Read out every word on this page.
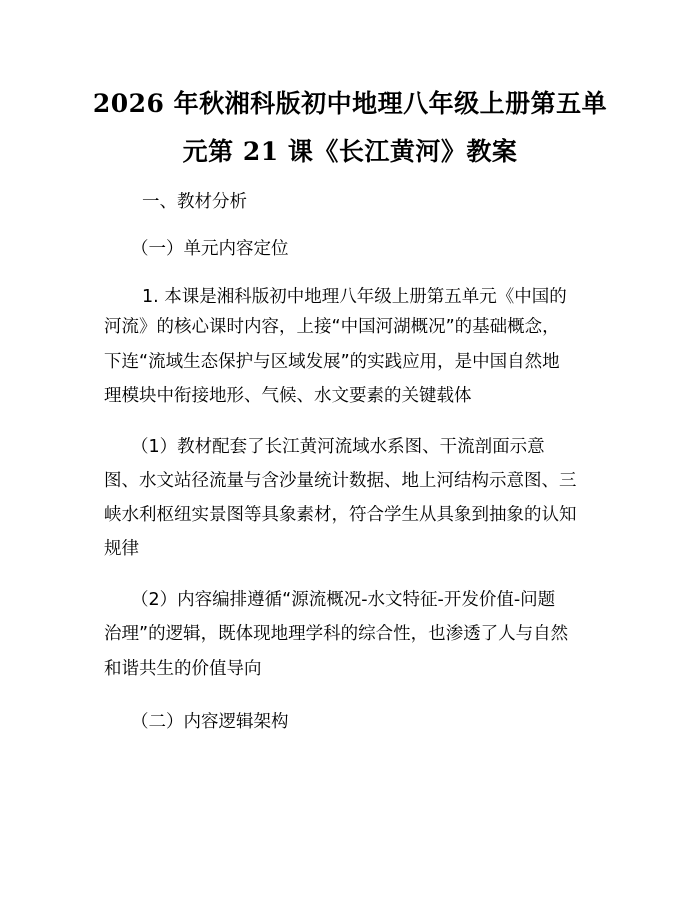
2026 年秋湘科版初中地理八年级上册第五单
元第 21 课《长江黄河》教案
一、教材分析
（一）单元内容定位
1. 本课是湘科版初中地理八年级上册第五单元《中国的
河流》的核心课时内容，上接“中国河湖概况”的基础概念，
下连“流域生态保护与区域发展”的实践应用，是中国自然地
理模块中衔接地形、气候、水文要素的关键载体
（1）教材配套了长江黄河流域水系图、干流剖面示意
图、水文站径流量与含沙量统计数据、地上河结构示意图、三
峡水利枢纽实景图等具象素材，符合学生从具象到抽象的认知
规律
（2）内容编排遵循“源流概况-水文特征-开发价值-问题
治理”的逻辑，既体现地理学科的综合性，也渗透了人与自然
和谐共生的价值导向
（二）内容逻辑架构
